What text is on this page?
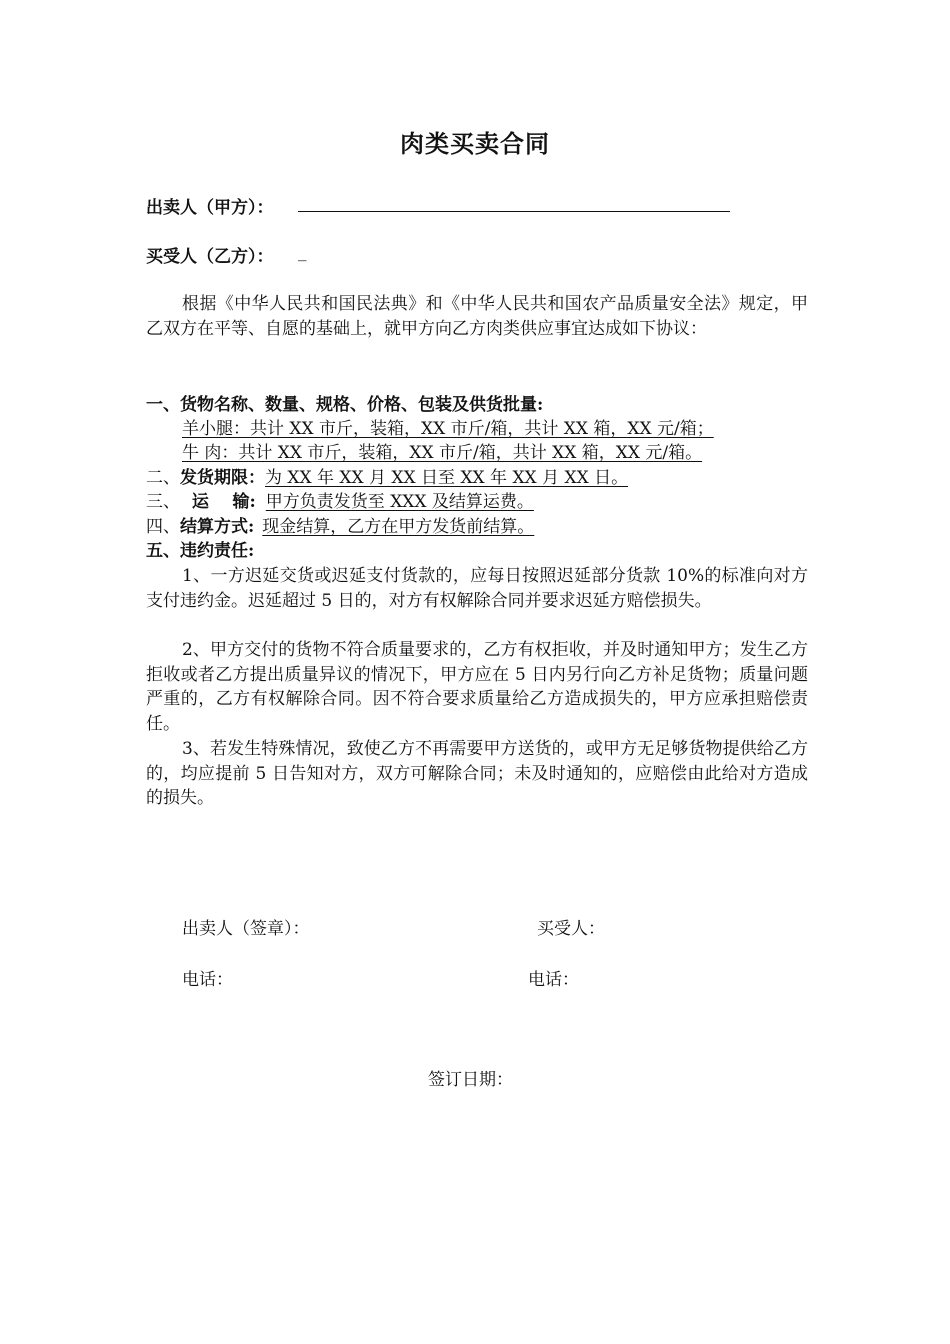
肉类买卖合同
出卖人（甲方）：
买受人（乙方）： _
根据《中华人民共和国民法典》和《中华人民共和国农产品质量安全法》规定，甲乙双方在平等、自愿的基础上，就甲方向乙方肉类供应事宜达成如下协议：
一、货物名称、数量、规格、价格、包装及供货批量:
羊小腿：共计 XX 市斤，装箱，XX 市斤/箱，共计 XX 箱，XX 元/箱；
牛 肉：共计 XX 市斤，装箱，XX 市斤/箱，共计 XX 箱，XX 元/箱。
二、发货期限：为 XX 年 XX 月 XX 日至 XX 年 XX 月 XX 日。
三、  运    输: 甲方负责发货至 XXX 及结算运费。
四、结算方式: 现金结算，乙方在甲方发货前结算。
五、违约责任:
1、一方迟延交货或迟延支付货款的，应每日按照迟延部分货款 10%的标准向对方支付违约金。迟延超过 5 日的，对方有权解除合同并要求迟延方赔偿损失。
2、甲方交付的货物不符合质量要求的，乙方有权拒收，并及时通知甲方；发生乙方拒收或者乙方提出质量异议的情况下，甲方应在 5 日内另行向乙方补足货物；质量问题严重的，乙方有权解除合同。因不符合要求质量给乙方造成损失的，甲方应承担赔偿责任。
3、若发生特殊情况，致使乙方不再需要甲方送货的，或甲方无足够货物提供给乙方的，均应提前 5 日告知对方，双方可解除合同；未及时通知的，应赔偿由此给对方造成的损失。
出卖人（签章）：	买受人：
电话：	电话：
签订日期：
